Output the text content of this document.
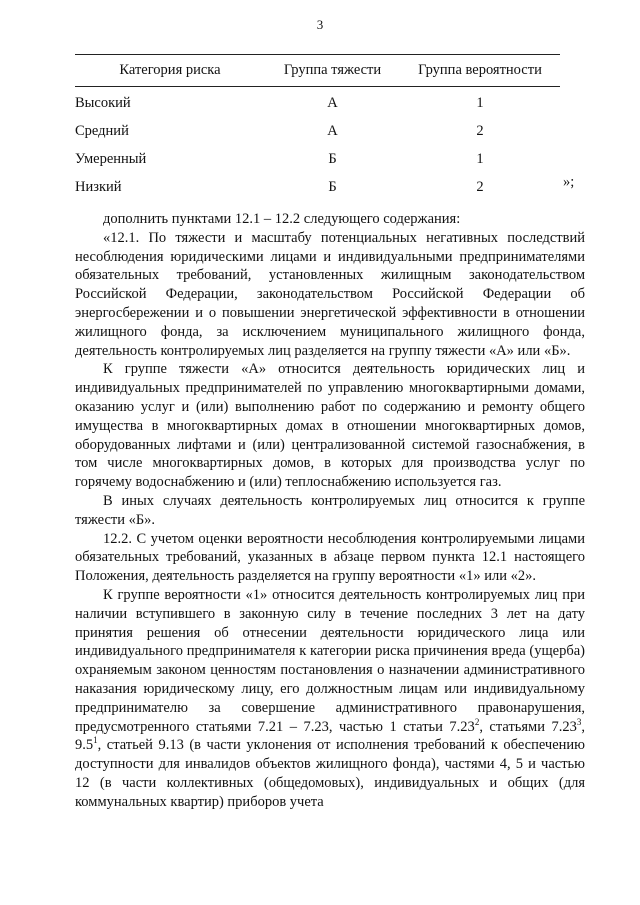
3
Категория риска	Группа тяжести	Группа вероятности
Высокий	А	1
Средний	А	2
Умеренный	Б	1
Низкий	Б	2	»;

дополнить пунктами 12.1 – 12.2 следующего содержания:

«12.1. По тяжести и масштабу потенциальных негативных последствий несоблюдения юридическими лицами и индивидуальными предпринимателями обязательных требований, установленных жилищным законодательством Российской Федерации, законодательством Российской Федерации об энергосбережении и о повышении энергетической эффективности в отношении жилищного фонда, за исключением муниципального жилищного фонда, деятельность контролируемых лиц разделяется на группу тяжести «А» или «Б».

К группе тяжести «А» относится деятельность юридических лиц и индивидуальных предпринимателей по управлению многоквартирными домами, оказанию услуг и (или) выполнению работ по содержанию и ремонту общего имущества в многоквартирных домах в отношении многоквартирных домов, оборудованных лифтами и (или) централизованной системой газоснабжения, в том числе многоквартирных домов, в которых для производства услуг по горячему водоснабжению и (или) теплоснабжению используется газ.

В иных случаях деятельность контролируемых лиц относится к группе тяжести «Б».

12.2. С учетом оценки вероятности несоблюдения контролируемыми лицами обязательных требований, указанных в абзаце первом пункта 12.1 настоящего Положения, деятельность разделяется на группу вероятности «1» или «2».

К группе вероятности «1» относится деятельность контролируемых лиц при наличии вступившего в законную силу в течение последних 3 лет на дату принятия решения об отнесении деятельности юридического лица или индивидуального предпринимателя к категории риска причинения вреда (ущерба) охраняемым законом ценностям постановления о назначении административного наказания юридическому лицу, его должностным лицам или индивидуальному предпринимателю за совершение административного правонарушения, предусмотренного статьями 7.21 – 7.23, частью 1 статьи 7.23$^2$, статьями 7.23$^3$, $9.5^1$, статьей 9.13 (в части уклонения от исполнения требований к обеспечению доступности для инвалидов объектов жилищного фонда), частями 4, 5 и частью 12 (в части коллективных (общедомовых), индивидуальных и общих (для коммунальных квартир) приборов учета
